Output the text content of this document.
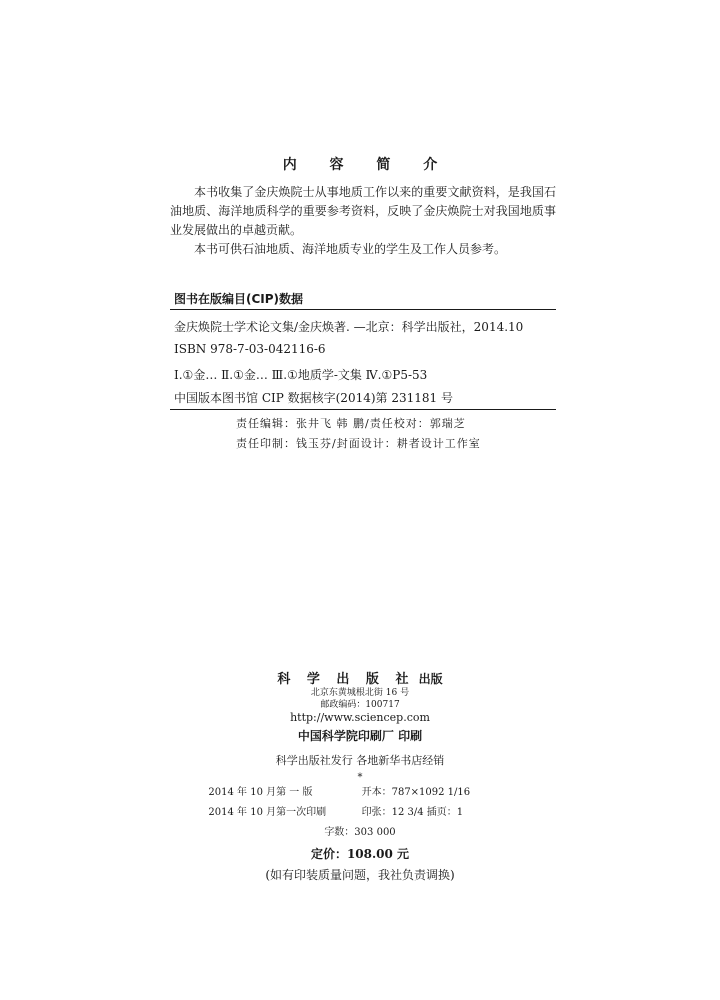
内 容 简 介

本书收集了金庆焕院士从事地质工作以来的重要文献资料，是我国石油地质、海洋地质科学的重要参考资料，反映了金庆焕院士对我国地质事业发展做出的卓越贡献。

本书可供石油地质、海洋地质专业的学生及工作人员参考。

图书在版编目(CIP)数据
金庆焕院士学术论文集/金庆焕著. —北京：科学出版社，2014.10
ISBN 978-7-03-042116-6
Ⅰ.①金… Ⅱ.①金… Ⅲ.①地质学-文集 Ⅳ.①P5-53
中国版本图书馆 CIP 数据核字(2014)第 231181 号
责任编辑：张井飞 韩 鹏/责任校对：郭瑞芝
责任印制：钱玉芬/封面设计：耕者设计工作室
科 学 出 版 社 出版
北京东黄城根北街 16 号
邮政编码：100717
http://www.sciencep.com
中国科学院印刷厂 印刷
科学出版社发行 各地新华书店经销
*
2014 年 10 月第 一 版	开本：787×1092 1/16
2014 年 10 月第一次印刷	印张：12 3/4 插页：1
字数：303 000
定价：108.00 元
(如有印装质量问题，我社负责调换)
